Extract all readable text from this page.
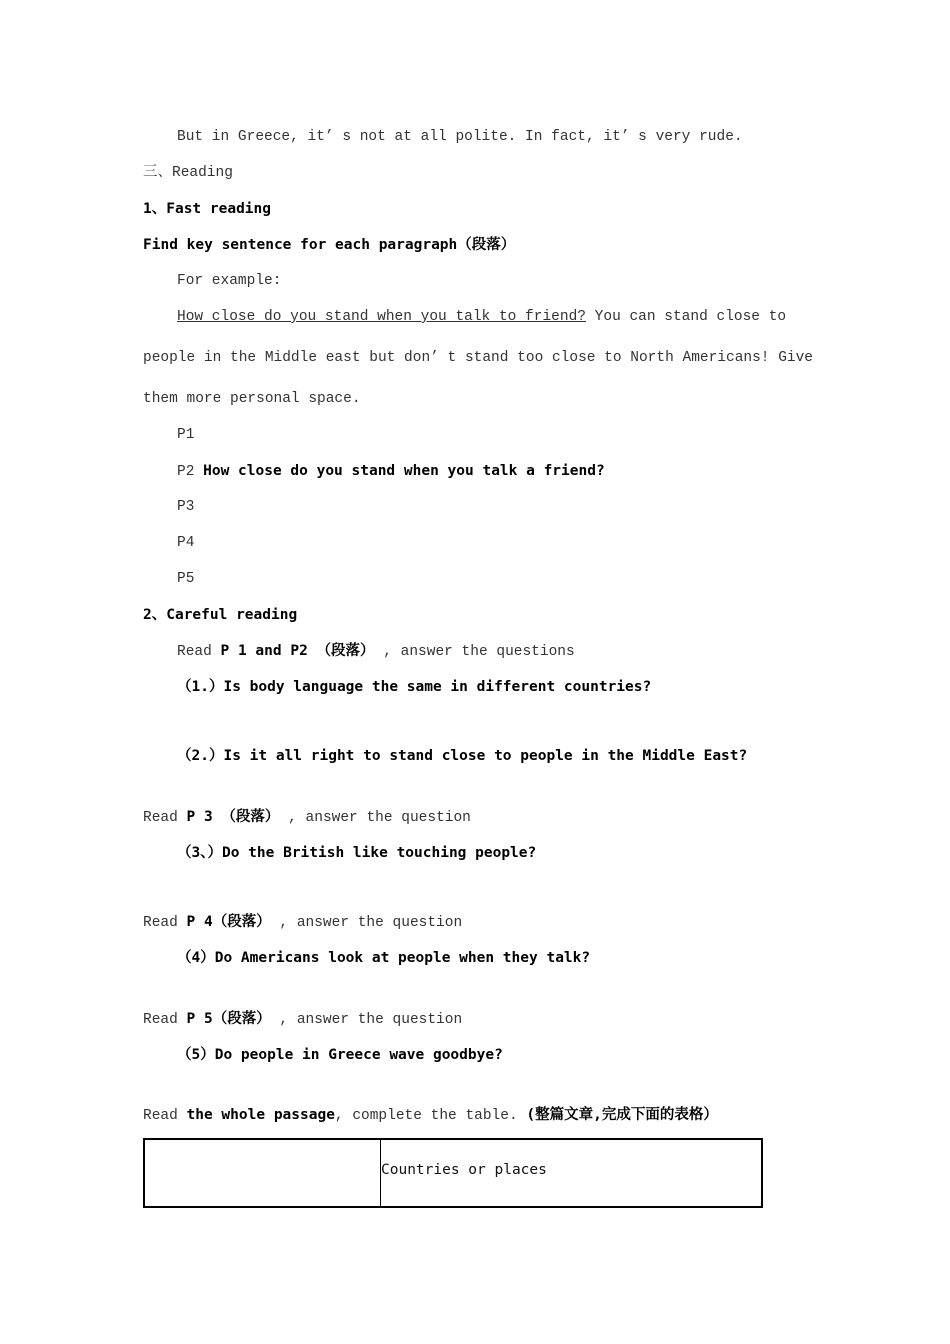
But in Greece, it’ s not at all polite. In fact, it’ s very rude.
三、Reading
1、Fast reading
Find key sentence for each paragraph（段落）
For example:
How close do you stand when you talk to friend? You can stand close to
people in the Middle east but don’ t stand too close to North Americans! Give
them more personal space.
P1
P2 How close do you stand when you talk a friend?
P3
P4
P5
2、Careful reading
Read P 1 and P2 （段落） , answer the questions
（1.）Is body language the same in different countries?
（2.）Is it all right to stand close to people in the Middle East?
Read P 3 （段落） , answer the question
（3、）Do the British like touching people?
Read P 4（段落） , answer the question
（4）Do Americans look at people when they talk?
Read P 5（段落） , answer the question
（5）Do people in Greece wave goodbye?
Read the whole passage, complete the table. (整篇文章,完成下面的表格）
	Countries or places
